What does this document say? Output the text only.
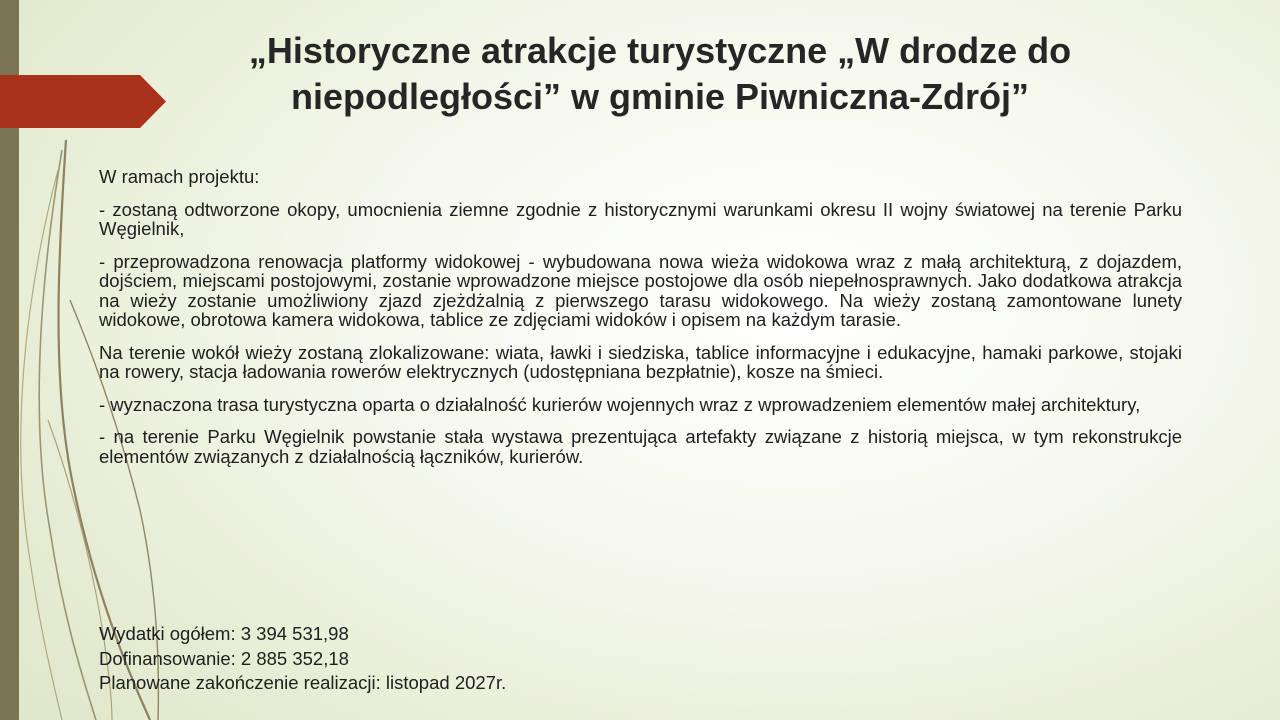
„Historyczne atrakcje turystyczne „W drodze do niepodległości” w gminie Piwniczna-Zdrój”

W ramach projektu:

- zostaną odtworzone okopy, umocnienia ziemne zgodnie z historycznymi warunkami okresu II wojny światowej na terenie Parku Węgielnik,

- przeprowadzona renowacja platformy widokowej - wybudowana nowa wieża widokowa wraz z małą architekturą, z dojazdem, dojściem, miejscami postojowymi, zostanie wprowadzone miejsce postojowe dla osób niepełnosprawnych. Jako dodatkowa atrakcja na wieży zostanie umożliwiony zjazd zjeżdżalnią z pierwszego tarasu widokowego. Na wieży zostaną zamontowane lunety widokowe, obrotowa kamera widokowa, tablice ze zdjęciami widoków i opisem na każdym tarasie.

Na terenie wokół wieży zostaną zlokalizowane: wiata, ławki i siedziska, tablice informacyjne i edukacyjne, hamaki parkowe, stojaki na rowery, stacja ładowania rowerów elektrycznych (udostępniana bezpłatnie), kosze na śmieci.

- wyznaczona trasa turystyczna oparta o działalność kurierów wojennych wraz z wprowadzeniem elementów małej architektury,

- na terenie Parku Węgielnik powstanie stała wystawa prezentująca artefakty związane z historią miejsca, w tym rekonstrukcje elementów związanych z działalnością łączników, kurierów.

Wydatki ogółem: 3 394 531,98
Dofinansowanie: 2 885 352,18
Planowane zakończenie realizacji: listopad 2027r.
